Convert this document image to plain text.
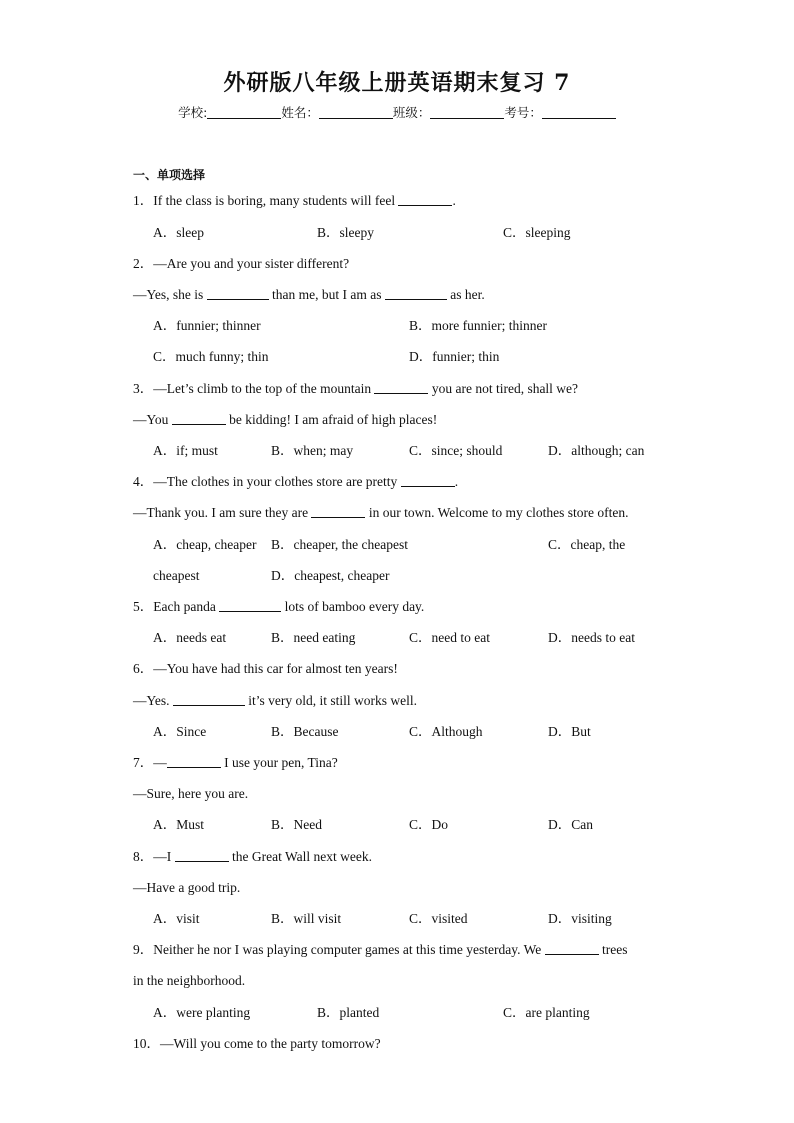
外研版八年级上册英语期末复习 7
学校:	姓名：	班级：	考号：
一、单项选择
1．If the class is boring, many students will feel	.
A．sleep	B．sleepy	C．sleeping
2．—Are you and your sister different?
—Yes, she is	than me, but I am as	as her.
A．funnier; thinner	B．more funnier; thinner
C．much funny; thin	D．funnier; thin
3．—Let’s climb to the top of the mountain	you are not tired, shall we?
—You	be kidding! I am afraid of high places!
A．if; must	B．when; may	C．since; should	D．although; can
4．—The clothes in your clothes store are pretty	.
—Thank you. I am sure they are	in our town. Welcome to my clothes store often.
A．cheap, cheaper B．cheaper, the cheapest	C．cheap, the
cheapest	D．cheapest, cheaper
5．Each panda	lots of bamboo every day.
A．needs eat	B．need eating	C．need to eat	D．needs to eat
6．—You have had this car for almost ten years!
—Yes.	it’s very old, it still works well.
A．Since	B．Because	C．Although	D．But
7．—	I use your pen, Tina?
—Sure, here you are.
A．Must	B．Need	C．Do	D．Can
8．—I	the Great Wall next week.
—Have a good trip.
A．visit	B．will visit	C．visited	D．visiting
9．Neither he nor I was playing computer games at this time yesterday. We	trees
in the neighborhood.
A．were planting	B．planted	C．are planting
10．—Will you come to the party tomorrow?
